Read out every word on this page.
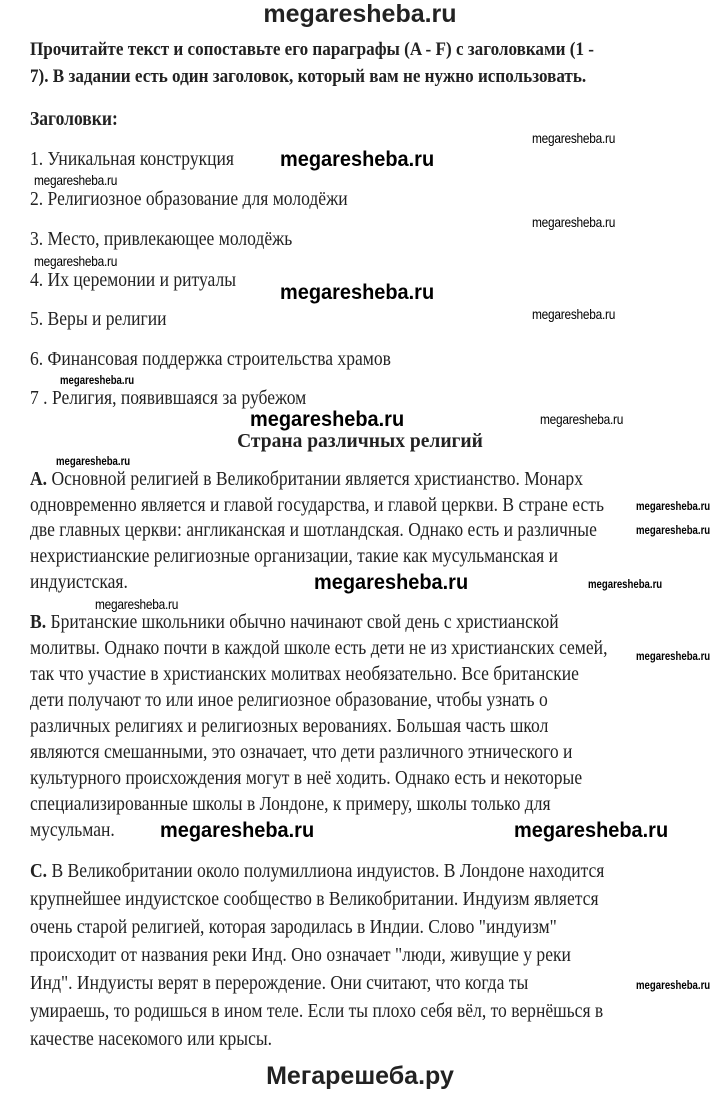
megaresheba.ru
Прочитайте текст и сопоставьте его параграфы (A - F) с заголовками (1 -
7). В задании есть один заголовок, который вам не нужно использовать.
Заголовки:
1. Уникальная конструкция
2. Религиозное образование для молодёжи
3. Место, привлекающее молодёжь
4. Их церемонии и ритуалы
5. Веры и религии
6. Финансовая поддержка строительства храмов
7 . Религия, появившаяся за рубежом
Страна различных религий
A. Основной религией в Великобритании является христианство. Монарх
одновременно является и главой государства, и главой церкви. В стране есть
две главных церкви: англиканская и шотландская. Однако есть и различные
нехристианские религиозные организации, такие как мусульманская и
индуистская.
B. Британские школьники обычно начинают свой день с христианской
молитвы. Однако почти в каждой школе есть дети не из христианских семей,
так что участие в христианских молитвах необязательно. Все британские
дети получают то или иное религиозное образование, чтобы узнать о
различных религиях и религиозных верованиях. Большая часть школ
являются смешанными, это означает, что дети различного этнического и
культурного происхождения могут в неё ходить. Однако есть и некоторые
специализированные школы в Лондоне, к примеру, школы только для
мусульман.
C. В Великобритании около полумиллиона индуистов. В Лондоне находится
крупнейшее индуистское сообщество в Великобритании. Индуизм является
очень старой религией, которая зародилась в Индии. Слово "индуизм"
происходит от названия реки Инд. Оно означает "люди, живущие у реки
Инд". Индуисты верят в перерождение. Они считают, что когда ты
умираешь, то родишься в ином теле. Если ты плохо себя вёл, то вернёшься в
качестве насекомого или крысы.
megaresheba.ru
megaresheba.ru
megaresheba.ru
megaresheba.ru
megaresheba.ru
megaresheba.ru
megaresheba.ru
megaresheba.ru
megaresheba.ru	megaresheba.ru
megaresheba.ru
megaresheba.ru
megaresheba.ru
megaresheba.ru	megaresheba.ru
megaresheba.ru
megaresheba.ru
megaresheba.ru	megaresheba.ru
megaresheba.ru
Мегарешеба.ру
